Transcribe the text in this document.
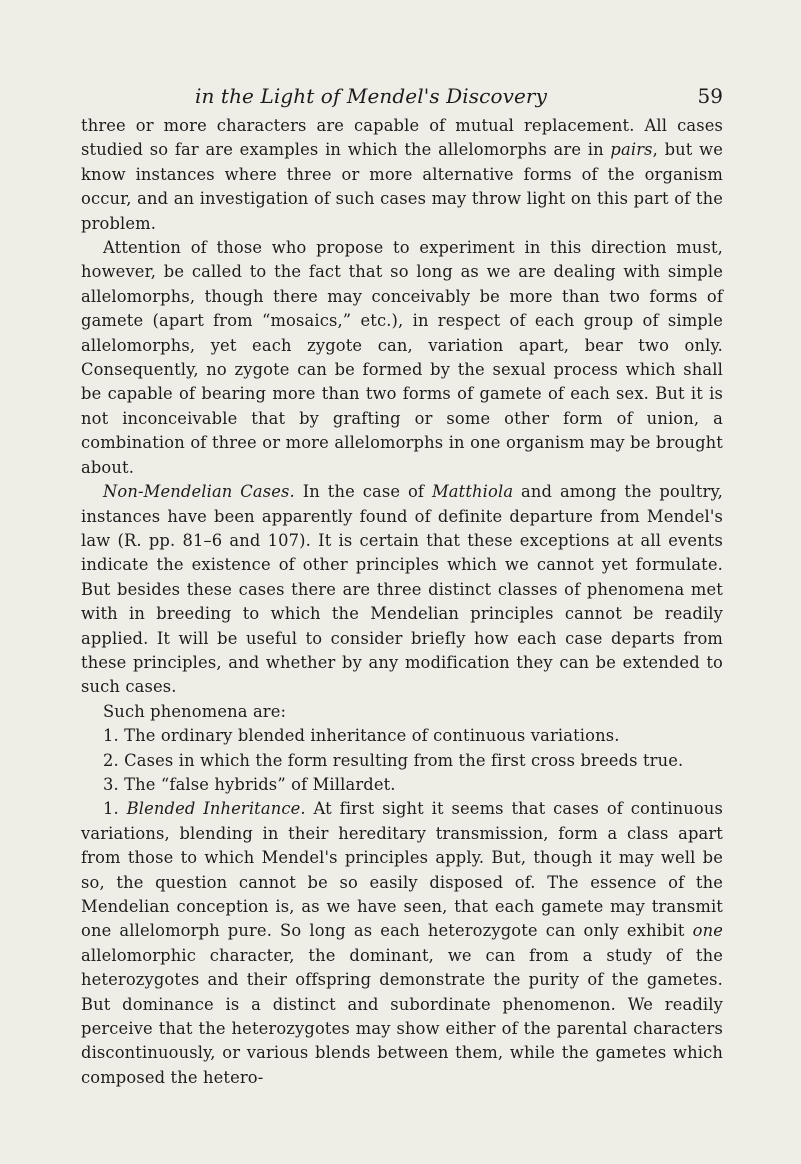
in the Light of Mendel's Discovery	59

three or more characters are capable of mutual replacement. All cases studied so far are examples in which the allelomorphs are in pairs, but we know instances where three or more alternative forms of the organism occur, and an investigation of such cases may throw light on this part of the problem.

Attention of those who propose to experiment in this direction must, however, be called to the fact that so long as we are dealing with simple allelomorphs, though there may conceivably be more than two forms of gamete (apart from “mosaics,” etc.), in respect of each group of simple allelomorphs, yet each zygote can, variation apart, bear two only. Consequently, no zygote can be formed by the sexual process which shall be capable of bearing more than two forms of gamete of each sex. But it is not inconceivable that by grafting or some other form of union, a combination of three or more allelomorphs in one organism may be brought about.

Non-Mendelian Cases. In the case of Matthiola and among the poultry, instances have been apparently found of definite departure from Mendel's law (R. pp. 81–6 and 107). It is certain that these exceptions at all events indicate the existence of other principles which we cannot yet formulate. But besides these cases there are three distinct classes of phenomena met with in breeding to which the Mendelian principles cannot be readily applied. It will be useful to consider briefly how each case departs from these principles, and whether by any modification they can be extended to such cases.

Such phenomena are:

1. The ordinary blended inheritance of continuous variations.

2. Cases in which the form resulting from the first cross breeds true.

3. The “false hybrids” of Millardet.

1. Blended Inheritance. At first sight it seems that cases of continuous variations, blending in their hereditary transmission, form a class apart from those to which Mendel's principles apply. But, though it may well be so, the question cannot be so easily disposed of. The essence of the Mendelian conception is, as we have seen, that each gamete may transmit one allelomorph pure. So long as each heterozygote can only exhibit one allelomorphic character, the dominant, we can from a study of the heterozygotes and their offspring demonstrate the purity of the gametes. But dominance is a distinct and subordinate phenomenon. We readily perceive that the heterozygotes may show either of the parental characters discontinuously, or various blends between them, while the gametes which composed the hetero-
